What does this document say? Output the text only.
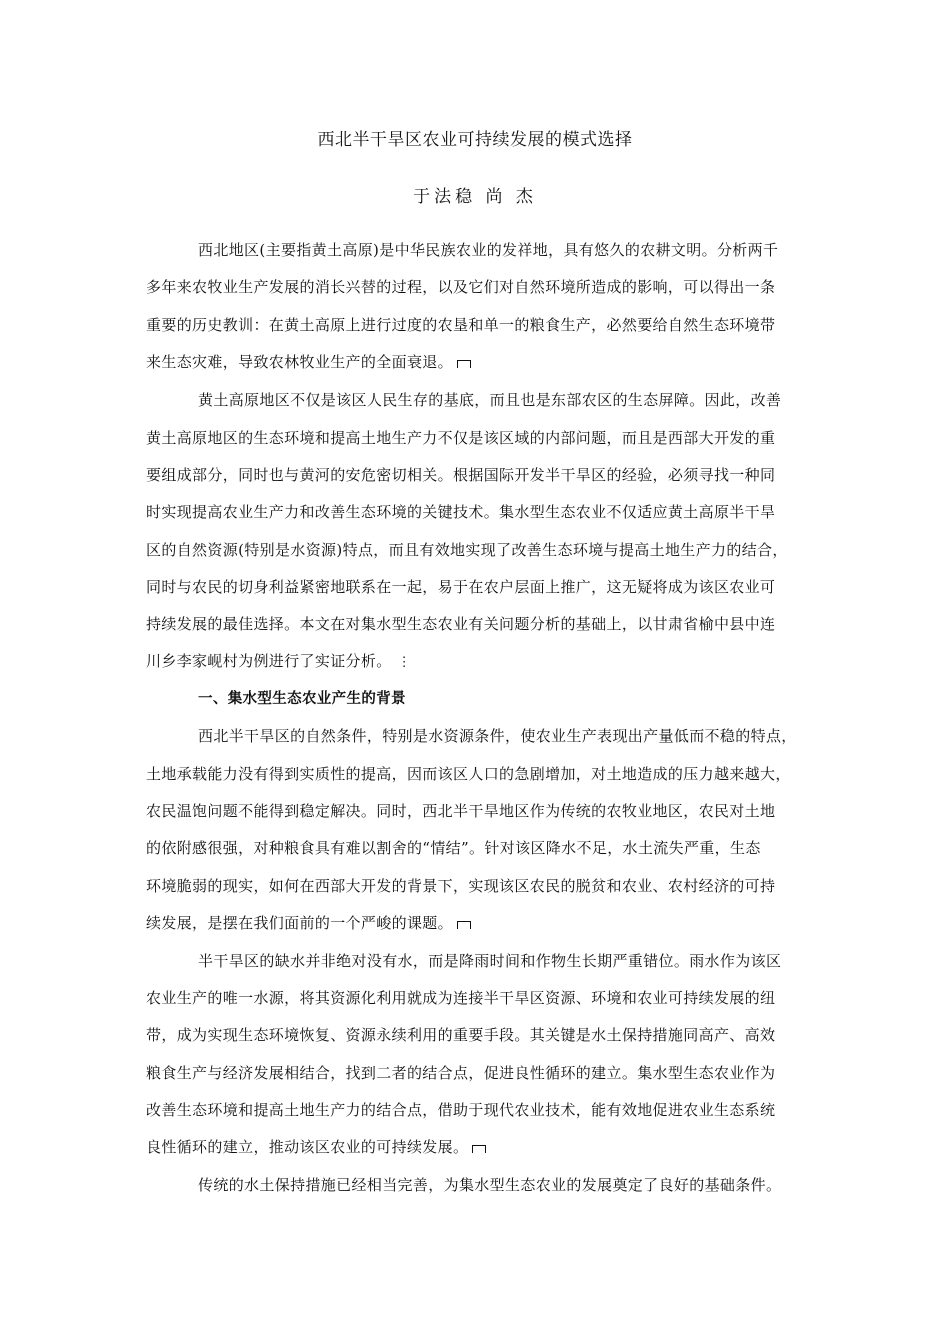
西北半干旱区农业可持续发展的模式选择
于法稳 尚 杰
西北地区(主要指黄土高原)是中华民族农业的发祥地，具有悠久的农耕文明。分析两千
多年来农牧业生产发展的消长兴替的过程，以及它们对自然环境所造成的影响，可以得出一条
重要的历史教训：在黄土高原上进行过度的农垦和单一的粮食生产，必然要给自然生态环境带
来生态灾难，导致农林牧业生产的全面衰退。
黄土高原地区不仅是该区人民生存的基底，而且也是东部农区的生态屏障。因此，改善
黄土高原地区的生态环境和提高土地生产力不仅是该区域的内部问题，而且是西部大开发的重
要组成部分，同时也与黄河的安危密切相关。根据国际开发半干旱区的经验，必须寻找一种同
时实现提高农业生产力和改善生态环境的关键技术。集水型生态农业不仅适应黄土高原半干旱
区的自然资源(特别是水资源)特点，而且有效地实现了改善生态环境与提高土地生产力的结合，
同时与农民的切身利益紧密地联系在一起，易于在农户层面上推广，这无疑将成为该区农业可
持续发展的最佳选择。本文在对集水型生态农业有关问题分析的基础上，以甘肃省榆中县中连
川乡李家岘村为例进行了实证分析。 ⋮
一、集水型生态农业产生的背景
西北半干旱区的自然条件，特别是水资源条件，使农业生产表现出产量低而不稳的特点，
土地承载能力没有得到实质性的提高，因而该区人口的急剧增加，对土地造成的压力越来越大，
农民温饱问题不能得到稳定解决。同时，西北半干旱地区作为传统的农牧业地区，农民对土地
的依附感很强，对种粮食具有难以割舍的“情结”。针对该区降水不足，水土流失严重，生态
环境脆弱的现实，如何在西部大开发的背景下，实现该区农民的脱贫和农业、农村经济的可持
续发展，是摆在我们面前的一个严峻的课题。
半干旱区的缺水并非绝对没有水，而是降雨时间和作物生长期严重错位。雨水作为该区
农业生产的唯一水源，将其资源化利用就成为连接半干旱区资源、环境和农业可持续发展的纽
带，成为实现生态环境恢复、资源永续利用的重要手段。其关键是水土保持措施同高产、高效
粮食生产与经济发展相结合，找到二者的结合点，促进良性循环的建立。集水型生态农业作为
改善生态环境和提高土地生产力的结合点，借助于现代农业技术，能有效地促进农业生态系统
良性循环的建立，推动该区农业的可持续发展。
传统的水土保持措施已经相当完善，为集水型生态农业的发展奠定了良好的基础条件。
